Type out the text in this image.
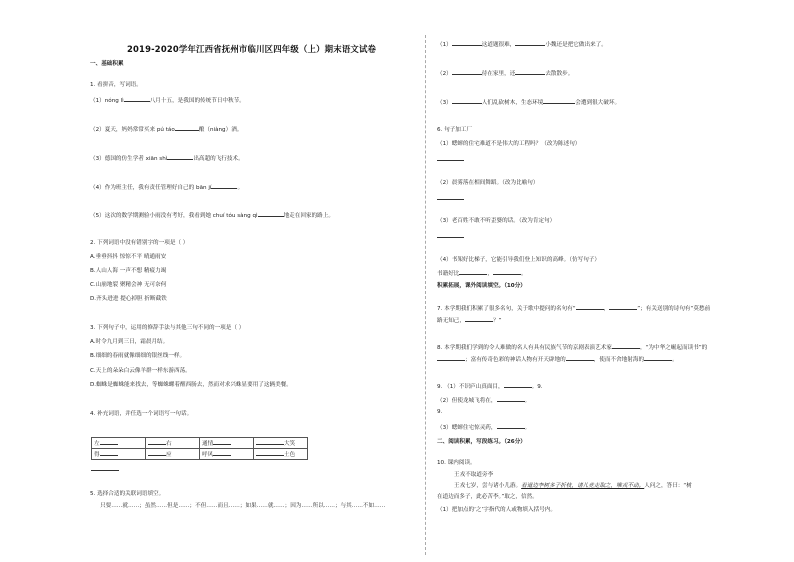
2019-2020学年江西省抚州市临川区四年级（上）期末语文试卷
一、基础积累
1. 看拼音，写词语。
（1）nóng lì	八月十五，是我国的传统节日中秋节。
（2）夏天，妈妈常常买来 pú táo	酿（niàng）酒。
（3）德国的仿生学者 xiān shì	出高超的飞行技术。
（4）作为班主任，我有责任管理好自己的 bān jí	。
（5）这次的数学期测验小雨没有考好，我看到她 chuí tóu sàng qì	地走在回家的路上。
2. 下列词语中没有错别字的一项是（ ）
A.垂垂抖抖 惊惊不平 晴通雨安
B.人山人海 一声不想 精疲力竭
C.山崩地裂 聚精会神 无可奈何
D.齐头进进 提心掉胆 折断截铁
3. 下列句子中，运用的修辞手法与其他三句不同的一项是（ ）
A.时令九月到三日，霜晨月结。
B.细细的春雨就像细细的银丝线一样。
C.天上的朵朵白云像羊群一样东游西荡。
D.蜘蛛是蜘蛛能来找去，等蜘蛛螺着醒西肠去，然而对求兴蛛显要用了这辆美餐。
4. 补充词语，并任选一个词语写一句话。
左	右	通情	大笑
得	应	呼风	土色
5. 选择合适的关联词语填空。
只要……就……；虽然……但是……；不但……而且……；如果……就……；因为……所以……；与其……不如……
（1）	这道题很难，	小魏还是把它做出来了。
（2）	待在家里，还	去散散步。
（3）	人们乱砍树木，生态环境	会遭到很大破坏。
6. 句子加工厂
（1）蟋蟀的住宅难道不是伟大的工程吗？（改为陈述句）
（2）晨雾落在相间舞蹈。（改为比喻句）
（3）老百姓不敢不听歪婆的话。（改为肯定句）
（4）书架好比梯子，它能引导我们登上知识的高峰。（仿写句子）
书籍好比	，	。
积累拓展，课外阅读填空。（10分）
7. 本学期我们积累了很多名句，关于歌中提问的名句有“	，	”；有关送别的诗句有“莫愁前
路无知己，	？”
8. 本学期我们学到的令人难做的名人有具有民族气节的京剧表演艺术家	，“为中华之崛起而读书”的
；富有传奇色彩的神话人物有开天辟地的	，使而不舍地射海的	。
9. （1）不识庐山真面目，	。9.
（2）但使龙城飞将在，	。
9.
（3）蟋蟀住宅惊灵药，	。
二、阅读积累，写段练习。（26分）
10. 课内阅读。
王戎不取道旁李
王戎七岁，尝与诸小儿游。看道边李树多子折枝，诸儿竞走取之，唯戎不动。人问之，答曰：“树
在道边而多子，此必苦李。”取之，信然。
（1）把加点的‘之’字指代的人或物填入括号内。
